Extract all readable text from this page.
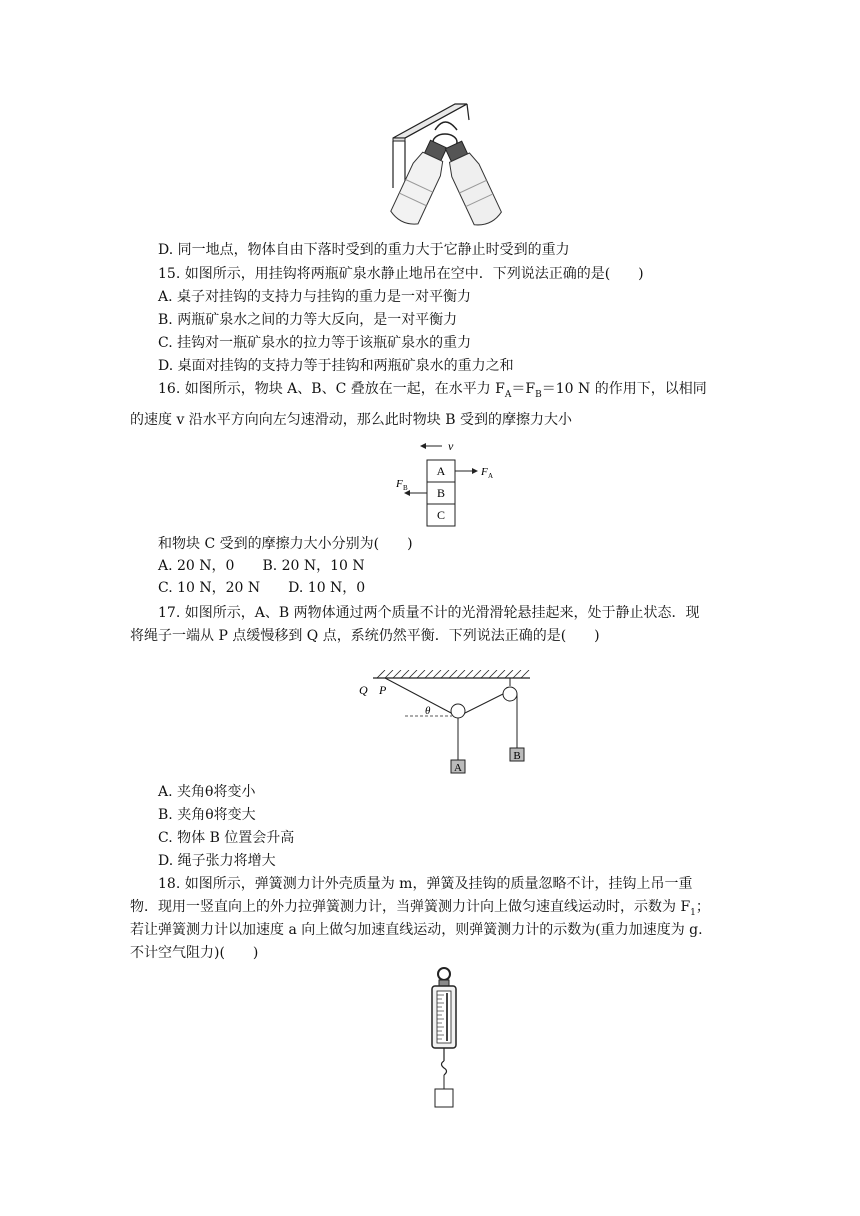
D. 同一地点，物体自由下落时受到的重力大于它静止时受到的重力
15. 如图所示，用挂钩将两瓶矿泉水静止地吊在空中．下列说法正确的是(　　)
A. 桌子对挂钩的支持力与挂钩的重力是一对平衡力
B. 两瓶矿泉水之间的力等大反向，是一对平衡力
C. 挂钩对一瓶矿泉水的拉力等于该瓶矿泉水的重力
D. 桌面对挂钩的支持力等于挂钩和两瓶矿泉水的重力之和
16. 如图所示，物块 A、B、C 叠放在一起，在水平力 $F_A=F_B=10$ N 的作用下，以相同
的速度 v 沿水平方向向左匀速滑动，那么此时物块 B 受到的摩擦力大小
v
A
B
C
F A
F B
和物块 C 受到的摩擦力大小分别为(　　)
A. 20 N，0 B. 20 N，10 N
C. 10 N，20 N D. 10 N，0
17. 如图所示，A、B 两物体通过两个质量不计的光滑滑轮悬挂起来，处于静止状态．现
将绳子一端从 P 点缓慢移到 Q 点，系统仍然平衡．下列说法正确的是(　　)
Q P
θ
A
B
A. 夹角θ将变小
B. 夹角θ将变大
C. 物体 B 位置会升高
D. 绳子张力将增大
18. 如图所示，弹簧测力计外壳质量为 m，弹簧及挂钩的质量忽略不计，挂钩上吊一重
物．现用一竖直向上的外力拉弹簧测力计，当弹簧测力计向上做匀速直线运动时，示数为 $F_1$；
若让弹簧测力计以加速度 a 向上做匀加速直线运动，则弹簧测力计的示数为(重力加速度为 g.
不计空气阻力)(　　)
